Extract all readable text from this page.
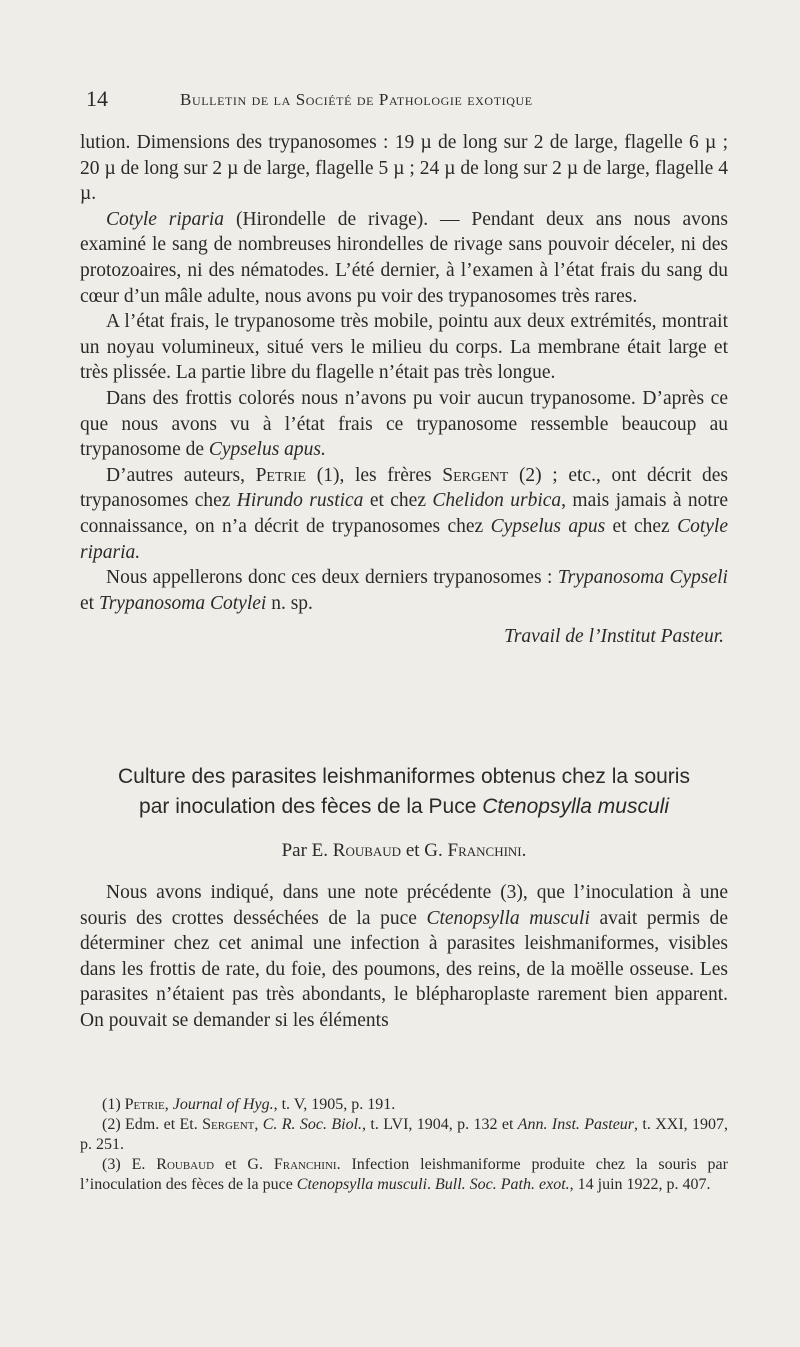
14	Bulletin de la Société de Pathologie exotique

lution. Dimensions des trypanosomes : 19 µ de long sur 2 de large, flagelle 6 µ ; 20 µ de long sur 2 µ de large, flagelle 5 µ ; 24 µ de long sur 2 µ de large, flagelle 4 µ.

Cotyle riparia (Hirondelle de rivage). — Pendant deux ans nous avons examiné le sang de nombreuses hirondelles de rivage sans pouvoir déceler, ni des protozoaires, ni des nématodes. L’été dernier, à l’examen à l’état frais du sang du cœur d’un mâle adulte, nous avons pu voir des trypanosomes très rares.

A l’état frais, le trypanosome très mobile, pointu aux deux extrémités, montrait un noyau volumineux, situé vers le milieu du corps. La membrane était large et très plissée. La partie libre du flagelle n’était pas très longue.

Dans des frottis colorés nous n’avons pu voir aucun trypanosome. D’après ce que nous avons vu à l’état frais ce trypanosome ressemble beaucoup au trypanosome de Cypselus apus.

D’autres auteurs, Petrie (1), les frères Sergent (2) ; etc., ont décrit des trypanosomes chez Hirundo rustica et chez Chelidon urbica, mais jamais à notre connaissance, on n’a décrit de trypanosomes chez Cypselus apus et chez Cotyle riparia.

Nous appellerons donc ces deux derniers trypanosomes : Trypanosoma Cypseli et Trypanosoma Cotylei n. sp.

Travail de l’Institut Pasteur.

Culture des parasites leishmaniformes obtenus chez la souris
par inoculation des fèces de la Puce Ctenopsylla musculi
Par E. Roubaud et G. Franchini.

Nous avons indiqué, dans une note précédente (3), que l’inoculation à une souris des crottes desséchées de la puce Ctenopsylla musculi avait permis de déterminer chez cet animal une infection à parasites leishmaniformes, visibles dans les frottis de rate, du foie, des poumons, des reins, de la moëlle osseuse. Les parasites n’étaient pas très abondants, le blépharoplaste rarement bien apparent. On pouvait se demander si les éléments

(1) Petrie, Journal of Hyg., t. V, 1905, p. 191.

(2) Edm. et Et. Sergent, C. R. Soc. Biol., t. LVI, 1904, p. 132 et Ann. Inst. Pasteur, t. XXI, 1907, p. 251.

(3) E. Roubaud et G. Franchini. Infection leishmaniforme produite chez la souris par l’inoculation des fèces de la puce Ctenopsylla musculi. Bull. Soc. Path. exot., 14 juin 1922, p. 407.
